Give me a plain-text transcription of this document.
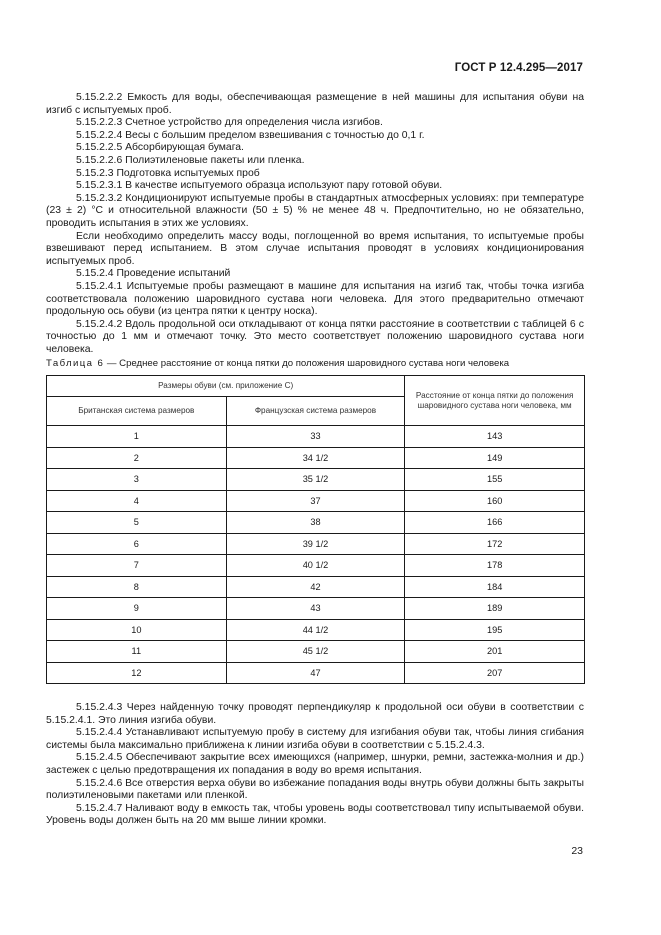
ГОСТ Р 12.4.295—2017

5.15.2.2.2 Емкость для воды, обеспечивающая размещение в ней машины для испытания обуви на изгиб с испытуемых проб.

5.15.2.2.3 Счетное устройство для определения числа изгибов.

5.15.2.2.4 Весы с большим пределом взвешивания с точностью до 0,1 г.

5.15.2.2.5 Абсорбирующая бумага.

5.15.2.2.6 Полиэтиленовые пакеты или пленка.

5.15.2.3 Подготовка испытуемых проб

5.15.2.3.1 В качестве испытуемого образца используют пару готовой обуви.

5.15.2.3.2 Кондиционируют испытуемые пробы в стандартных атмосферных условиях: при температуре (23 ± 2) °С и относительной влажности (50 ± 5) % не менее 48 ч. Предпочтительно, но не обязательно, проводить испытания в этих же условиях.

Если необходимо определить массу воды, поглощенной во время испытания, то испытуемые пробы взвешивают перед испытанием. В этом случае испытания проводят в условиях кондиционирования испытуемых проб.

5.15.2.4 Проведение испытаний

5.15.2.4.1 Испытуемые пробы размещают в машине для испытания на изгиб так, чтобы точка изгиба соответствовала положению шаровидного сустава ноги человека. Для этого предварительно отмечают продольную ось обуви (из центра пятки к центру носка).

5.15.2.4.2 Вдоль продольной оси откладывают от конца пятки расстояние в соответствии с таблицей 6 с точностью до 1 мм и отмечают точку. Это место соответствует положению шаровидного сустава ноги человека.

Таблица 6 — Среднее расстояние от конца пятки до положения шаровидного сустава ноги человека
Размеры обуви (см. приложение С)		Расстояние от конца пятки до положения шаровидного сустава ноги человека, мм
Британская система размеров	Французская система размеров	
1	33	143
2	34 1/2	149
3	35 1/2	155
4	37	160
5	38	166
6	39 1/2	172
7	40 1/2	178
8	42	184
9	43	189
10	44 1/2	195
11	45 1/2	201
12	47	207

5.15.2.4.3 Через найденную точку проводят перпендикуляр к продольной оси обуви в соответствии с 5.15.2.4.1. Это линия изгиба обуви.

5.15.2.4.4 Устанавливают испытуемую пробу в систему для изгибания обуви так, чтобы линия сгибания системы была максимально приближена к линии изгиба обуви в соответствии с 5.15.2.4.3.

5.15.2.4.5 Обеспечивают закрытие всех имеющихся (например, шнурки, ремни, застежка-молния и др.) застежек с целью предотвращения их попадания в воду во время испытания.

5.15.2.4.6 Все отверстия верха обуви во избежание попадания воды внутрь обуви должны быть закрыты полиэтиленовыми пакетами или пленкой.

5.15.2.4.7 Наливают воду в емкость так, чтобы уровень воды соответствовал типу испытываемой обуви. Уровень воды должен быть на 20 мм выше линии кромки.

23
